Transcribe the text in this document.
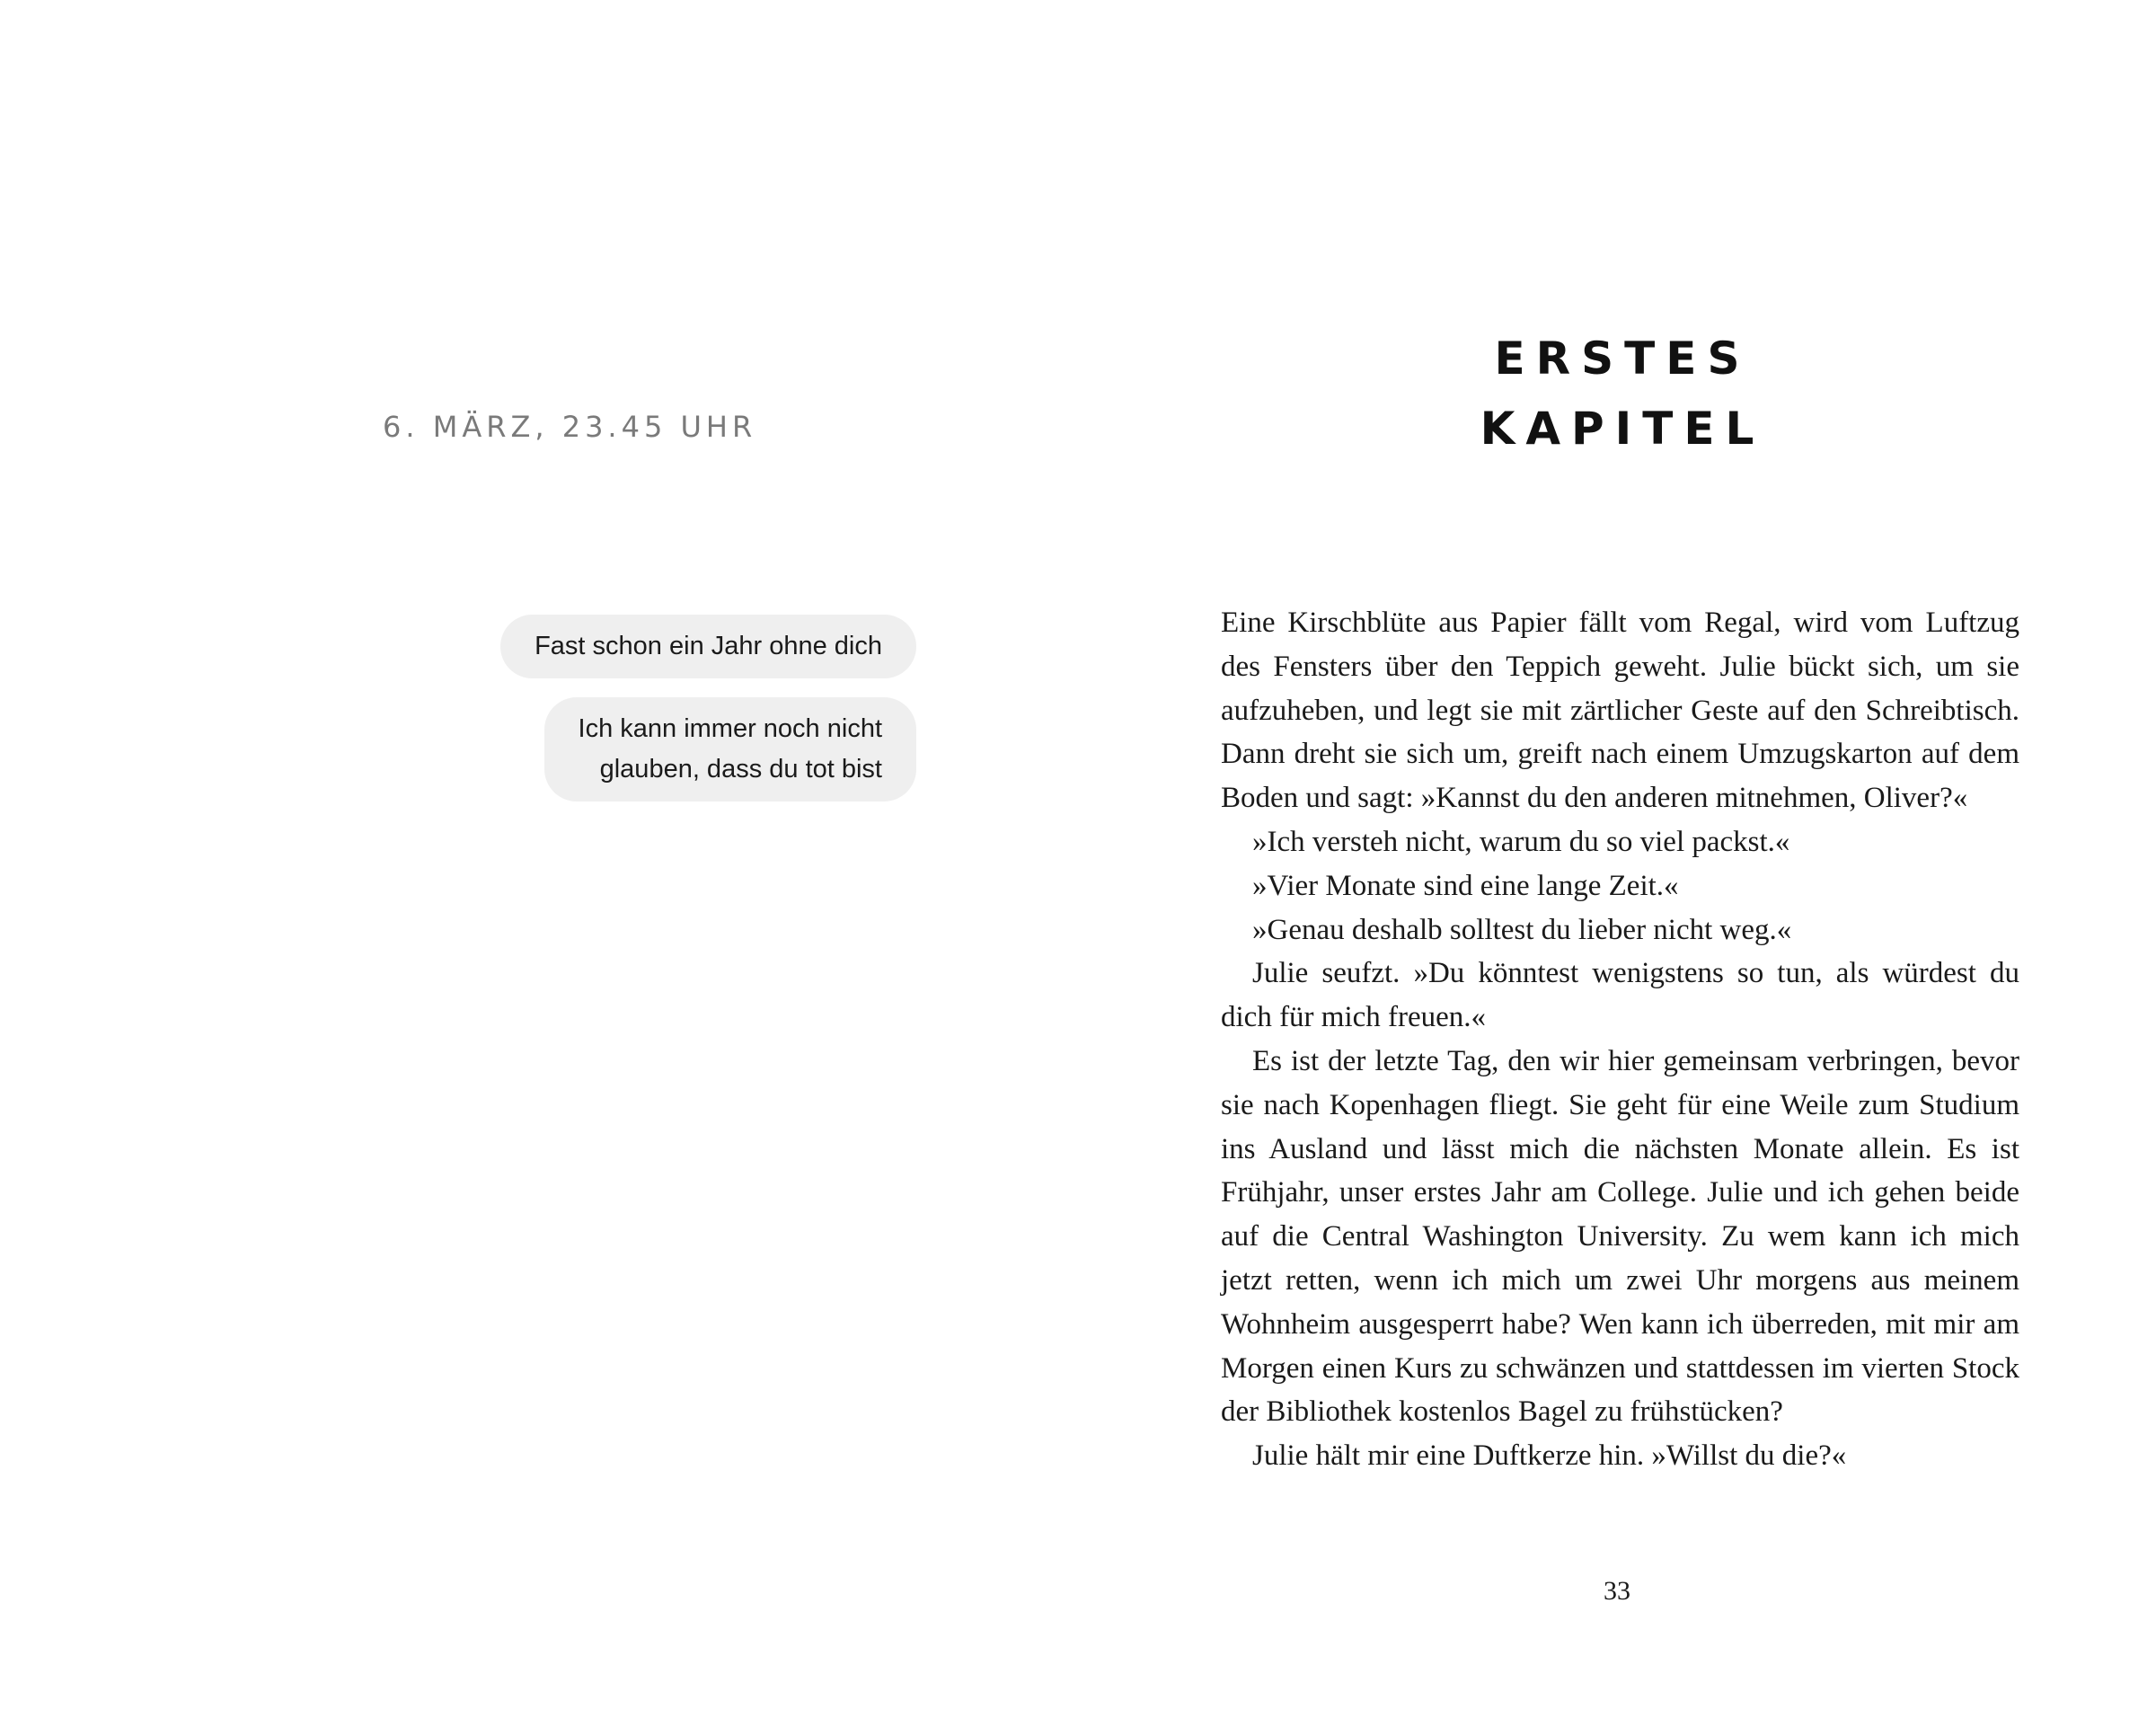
6. MÄRZ, 23.45 UHR
Fast schon ein Jahr ohne dich
Ich kann immer noch nicht
glauben, dass du tot bist
ERSTES
KAPITEL

Eine Kirschblüte aus Papier fällt vom Regal, wird vom Luftzug des Fensters über den Teppich geweht. Julie bückt sich, um sie aufzuheben, und legt sie mit zärtlicher Geste auf den Schreibtisch. Dann dreht sie sich um, greift nach einem Umzugskarton auf dem Boden und sagt: »Kannst du den anderen mitnehmen, Oliver?«

»Ich versteh nicht, warum du so viel packst.«

»Vier Monate sind eine lange Zeit.«

»Genau deshalb solltest du lieber nicht weg.«

Julie seufzt. »Du könntest wenigstens so tun, als würdest du dich für mich freuen.«

Es ist der letzte Tag, den wir hier gemeinsam verbringen, bevor sie nach Kopenhagen fliegt. Sie geht für eine Weile zum Studium ins Ausland und lässt mich die nächsten Monate allein. Es ist Frühjahr, unser erstes Jahr am College. Julie und ich gehen beide auf die Central Washington University. Zu wem kann ich mich jetzt retten, wenn ich mich um zwei Uhr morgens aus meinem Wohnheim ausgesperrt habe? Wen kann ich überreden, mit mir am Morgen einen Kurs zu schwänzen und stattdessen im vierten Stock der Bibliothek kostenlos Bagel zu frühstücken?

Julie hält mir eine Duftkerze hin. »Willst du die?«

33
